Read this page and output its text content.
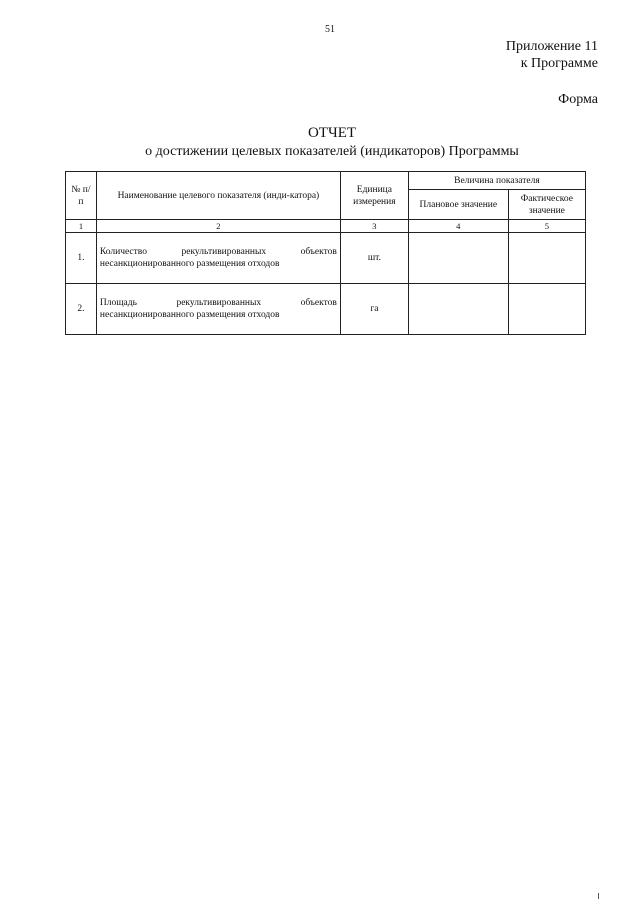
51
Приложение 11
к Программе
Форма
ОТЧЕТ
о достижении целевых показателей (индикаторов) Программы
№ п/п	Наименование целевого показателя (инди-катора)	Единица измерения	Величина показателя	
			Плановое значение	Фактическое значение
1	2	3	4	5
1.	Количество рекультивированных объектов несанкционированного размещения отходов	шт.		
2.	Площадь рекультивированных объектов несанкционированного размещения отходов	га		
